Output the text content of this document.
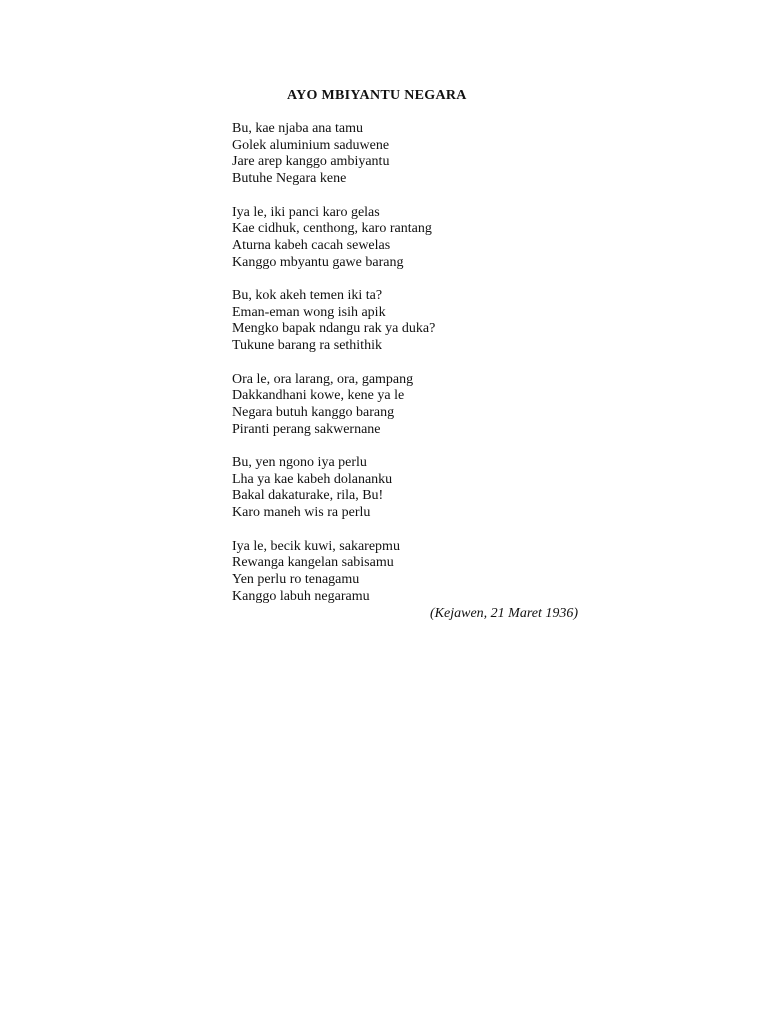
AYO MBIYANTU NEGARA
Bu, kae njaba ana tamu
Golek aluminium saduwene
Jare arep kanggo ambiyantu
Butuhe Negara kene
Iya le, iki panci karo gelas
Kae cidhuk, centhong, karo rantang
Aturna kabeh cacah sewelas
Kanggo mbyantu gawe barang
Bu, kok akeh temen iki ta?
Eman-eman wong isih apik
Mengko bapak ndangu rak ya duka?
Tukune barang ra sethithik
Ora le, ora larang, ora, gampang
Dakkandhani kowe, kene ya le
Negara butuh kanggo barang
Piranti perang sakwernane
Bu, yen ngono iya perlu
Lha ya kae kabeh dolananku
Bakal dakaturake, rila, Bu!
Karo maneh wis ra perlu
Iya le, becik kuwi, sakarepmu
Rewanga kangelan sabisamu
Yen perlu ro tenagamu
Kanggo labuh negaramu
(Kejawen, 21 Maret 1936)
